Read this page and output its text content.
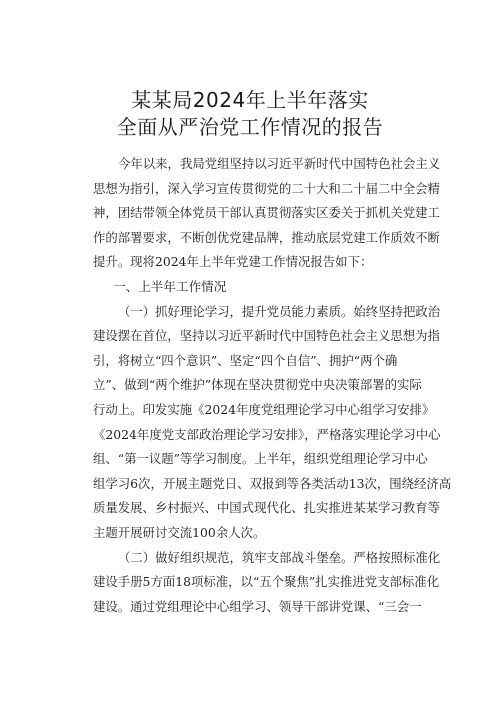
某某局2024年上半年落实
全面从严治党工作情况的报告
今年以来，我局党组坚持以习近平新时代中国特色社会主义
思想为指引，深入学习宣传贯彻党的二十大和二十届二中全会精
神，团结带领全体党员干部认真贯彻落实区委关于抓机关党建工
作的部署要求，不断创优党建品牌，推动底层党建工作质效不断
提升。现将2024年上半年党建工作情况报告如下：
一、上半年工作情况
（一）抓好理论学习，提升党员能力素质。始终坚持把政治
建设摆在首位，坚持以习近平新时代中国特色社会主义思想为指
引，将树立“四个意识”、坚定“四个自信”、拥护“两个确
立”、做到“两个维护”体现在坚决贯彻党中央决策部署的实际
行动上。印发实施《2024年度党组理论学习中心组学习安排》
《2024年度党支部政治理论学习安排》，严格落实理论学习中心
组、“第一议题”等学习制度。上半年，组织党组理论学习中心
组学习6次，开展主题党日、双报到等各类活动13次，围绕经济高
质量发展、乡村振兴、中国式现代化、扎实推进某某学习教育等
主题开展研讨交流100余人次。
（二）做好组织规范，筑牢支部战斗堡垒。严格按照标准化
建设手册5方面18项标准，以“五个聚焦”扎实推进党支部标准化
建设。通过党组理论中心组学习、领导干部讲党课、“三会一
